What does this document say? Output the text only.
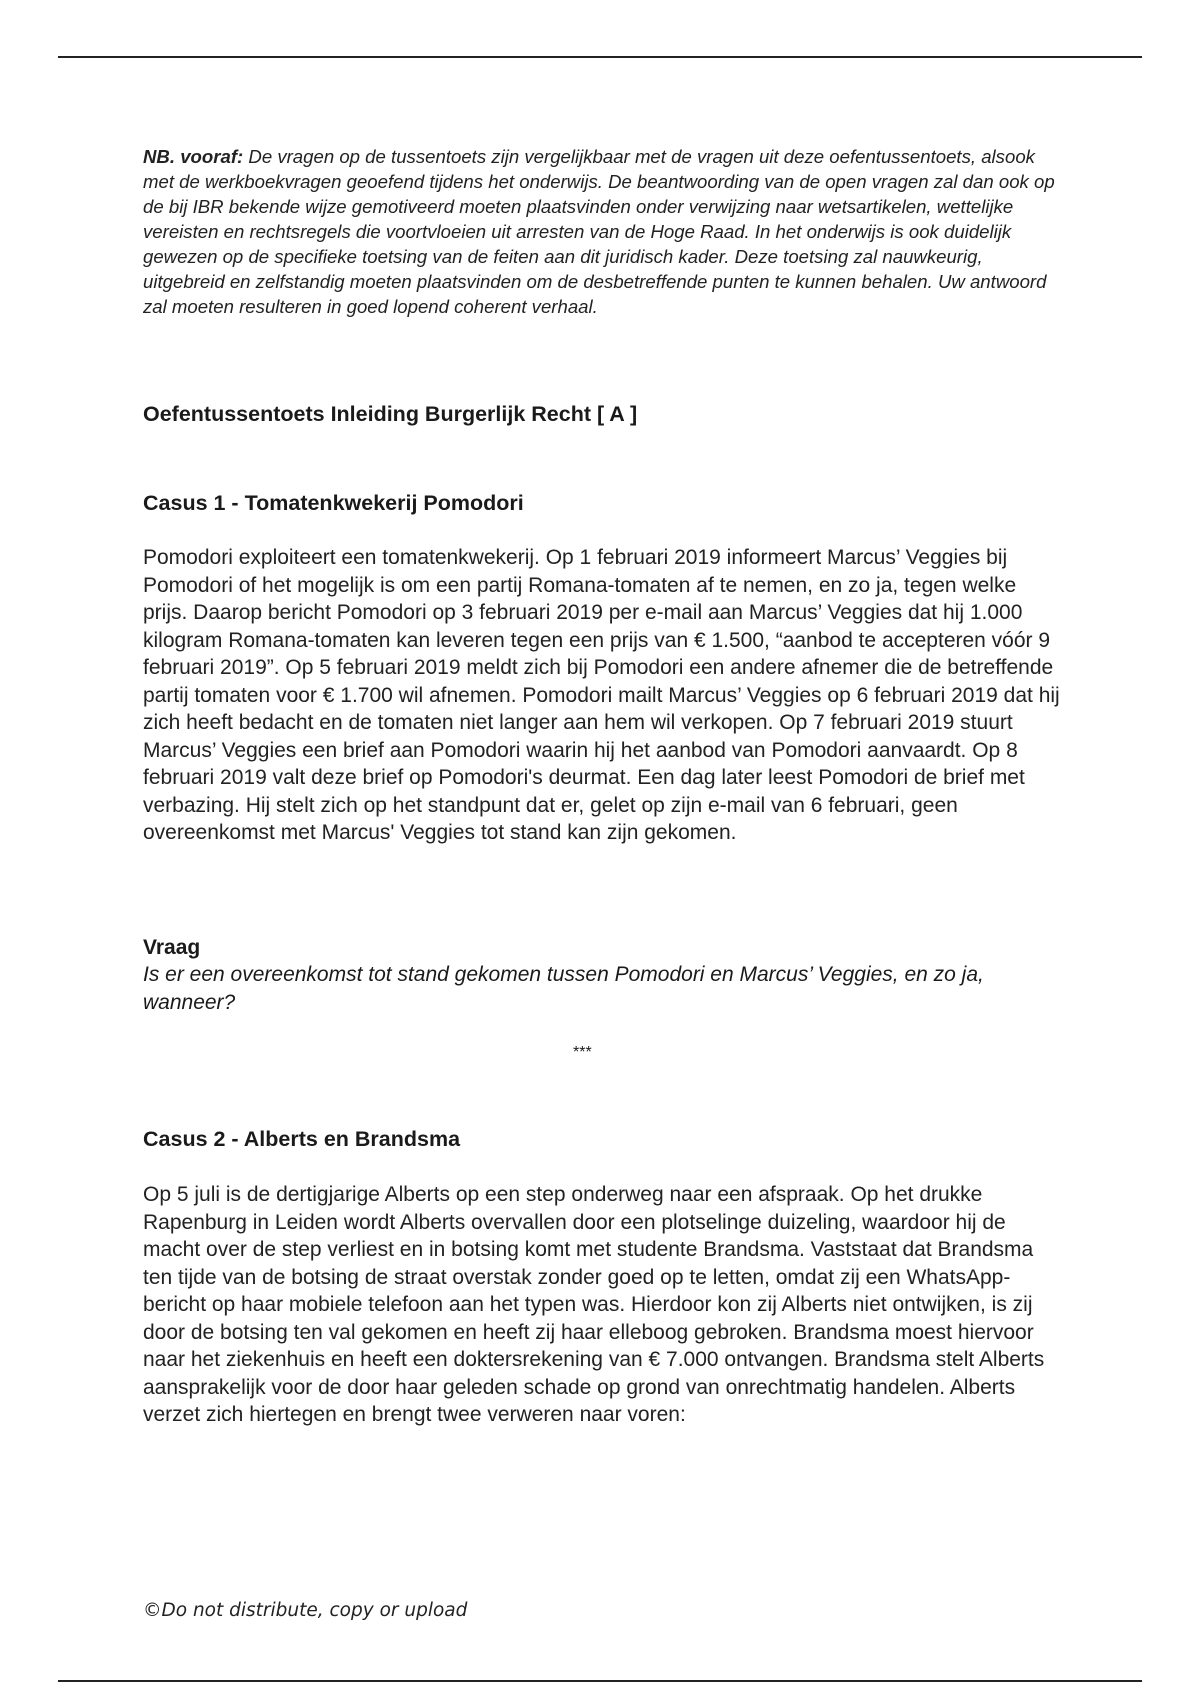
NB. vooraf: De vragen op de tussentoets zijn vergelijkbaar met de vragen uit deze oefentussentoets, alsook met de werkboekvragen geoefend tijdens het onderwijs. De beantwoording van de open vragen zal dan ook op de bij IBR bekende wijze gemotiveerd moeten plaatsvinden onder verwijzing naar wetsartikelen, wettelijke vereisten en rechtsregels die voortvloeien uit arresten van de Hoge Raad. In het onderwijs is ook duidelijk gewezen op de specifieke toetsing van de feiten aan dit juridisch kader. Deze toetsing zal nauwkeurig, uitgebreid en zelfstandig moeten plaatsvinden om de desbetreffende punten te kunnen behalen. Uw antwoord zal moeten resulteren in goed lopend coherent verhaal.

Oefentussentoets Inleiding Burgerlijk Recht [ A ]
Casus 1 - Tomatenkwekerij Pomodori

Pomodori exploiteert een tomatenkwekerij. Op 1 februari 2019 informeert Marcus’ Veggies bij Pomodori of het mogelijk is om een partij Romana-tomaten af te nemen, en zo ja, tegen welke prijs. Daarop bericht Pomodori op 3 februari 2019 per e-mail aan Marcus’ Veggies dat hij 1.000 kilogram Romana-tomaten kan leveren tegen een prijs van € 1.500, “aanbod te accepteren vóór 9 februari 2019”. Op 5 februari 2019 meldt zich bij Pomodori een andere afnemer die de betreffende partij tomaten voor € 1.700 wil afnemen. Pomodori mailt Marcus’ Veggies op 6 februari 2019 dat hij zich heeft bedacht en de tomaten niet langer aan hem wil verkopen. Op 7 februari 2019 stuurt Marcus’ Veggies een brief aan Pomodori waarin hij het aanbod van Pomodori aanvaardt. Op 8 februari 2019 valt deze brief op Pomodori's deurmat. Een dag later leest Pomodori de brief met verbazing. Hij stelt zich op het standpunt dat er, gelet op zijn e-mail van 6 februari, geen overeenkomst met Marcus' Veggies tot stand kan zijn gekomen.

Vraag

Is er een overeenkomst tot stand gekomen tussen Pomodori en Marcus’ Veggies, en zo ja, wanneer?

***
Casus 2 - Alberts en Brandsma

Op 5 juli is de dertigjarige Alberts op een step onderweg naar een afspraak. Op het drukke Rapenburg in Leiden wordt Alberts overvallen door een plotselinge duizeling, waardoor hij de macht over de step verliest en in botsing komt met studente Brandsma. Vaststaat dat Brandsma ten tijde van de botsing de straat overstak zonder goed op te letten, omdat zij een WhatsApp-bericht op haar mobiele telefoon aan het typen was. Hierdoor kon zij Alberts niet ontwijken, is zij door de botsing ten val gekomen en heeft zij haar elleboog gebroken. Brandsma moest hiervoor naar het ziekenhuis en heeft een doktersrekening van € 7.000 ontvangen. Brandsma stelt Alberts aansprakelijk voor de door haar geleden schade op grond van onrechtmatig handelen. Alberts verzet zich hiertegen en brengt twee verweren naar voren:

©Do not distribute, copy or upload
